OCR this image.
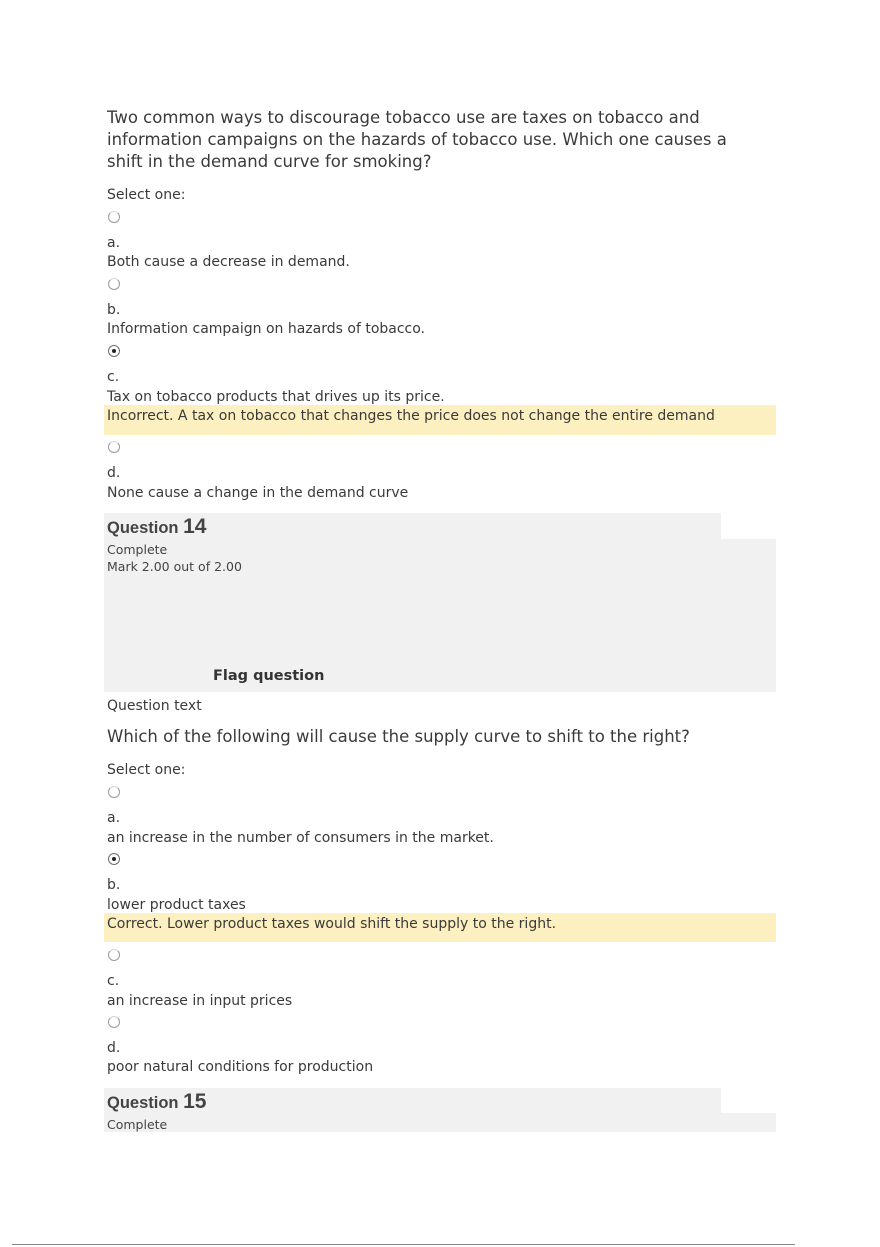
Two common ways to discourage tobacco use are taxes on tobacco and information campaigns on the hazards of tobacco use. Which one causes a shift in the demand curve for smoking?
Select one:
a.
Both cause a decrease in demand.
b.
Information campaign on hazards of tobacco.
c.
Tax on tobacco products that drives up its price.
Incorrect. A tax on tobacco that changes the price does not change the entire demand
d.
None cause a change in the demand curve
Question 14
Complete
Mark 2.00 out of 2.00
Flag question
Question text
Which of the following will cause the supply curve to shift to the right?
Select one:
a.
an increase in the number of consumers in the market.
b.
lower product taxes
Correct. Lower product taxes would shift the supply to the right.
c.
an increase in input prices
d.
poor natural conditions for production
Question 15
Complete
